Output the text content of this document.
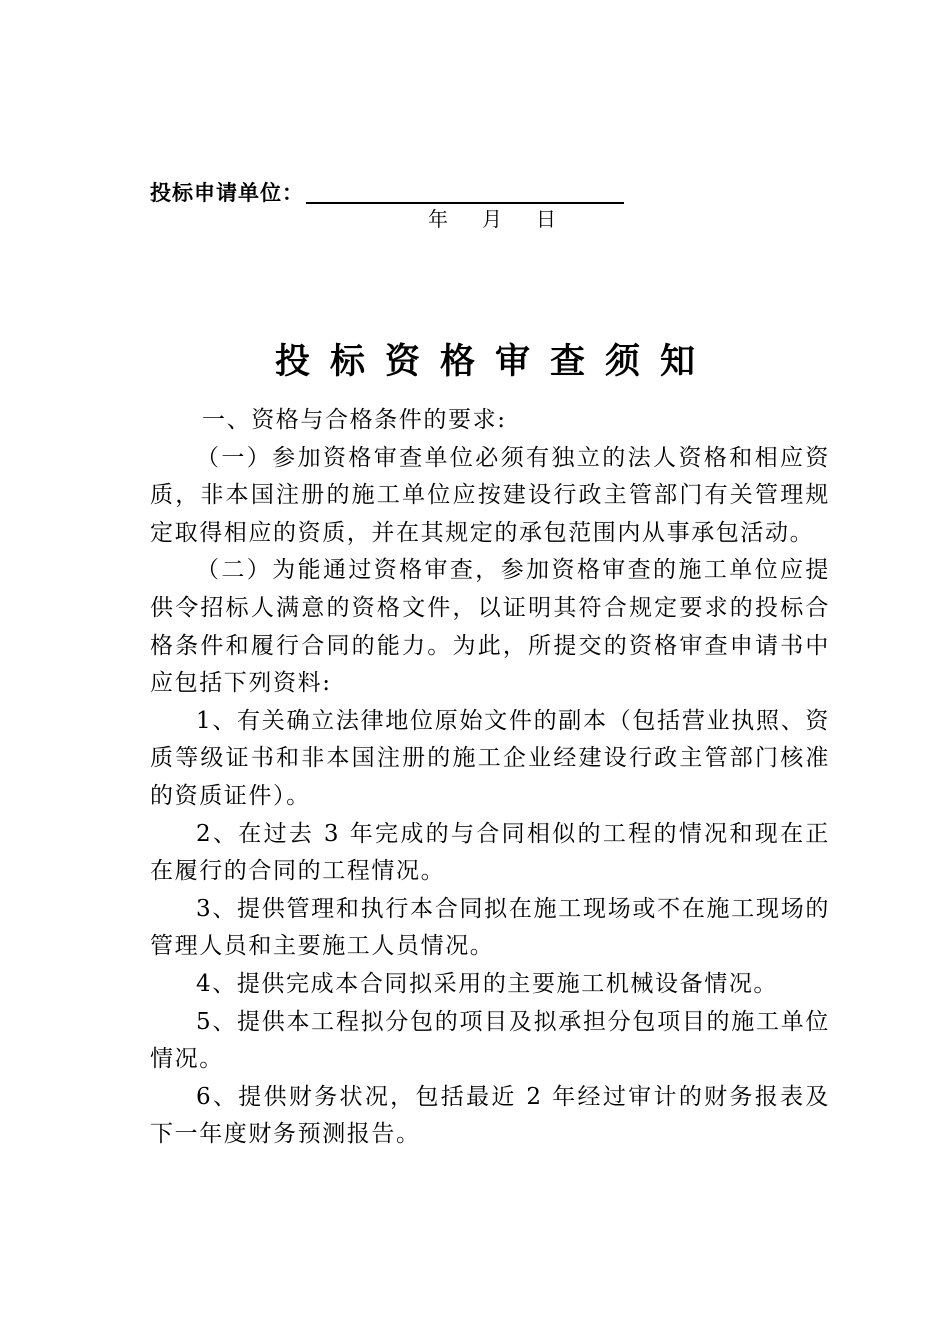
投标申请单位：
年 月 日
投标资格审查须知

一、资格与合格条件的要求:

（一）参加资格审查单位必须有独立的法人资格和相应资质，非本国注册的施工单位应按建设行政主管部门有关管理规定取得相应的资质，并在其规定的承包范围内从事承包活动。

（二）为能通过资格审查，参加资格审查的施工单位应提供令招标人满意的资格文件，以证明其符合规定要求的投标合格条件和履行合同的能力。为此，所提交的资格审查申请书中应包括下列资料:

1、有关确立法律地位原始文件的副本（包括营业执照、资质等级证书和非本国注册的施工企业经建设行政主管部门核准的资质证件）。

2、在过去 3 年完成的与合同相似的工程的情况和现在正在履行的合同的工程情况。

3、提供管理和执行本合同拟在施工现场或不在施工现场的管理人员和主要施工人员情况。

4、提供完成本合同拟采用的主要施工机械设备情况。

5、提供本工程拟分包的项目及拟承担分包项目的施工单位情况。

6、提供财务状况，包括最近 2 年经过审计的财务报表及下一年度财务预测报告。
